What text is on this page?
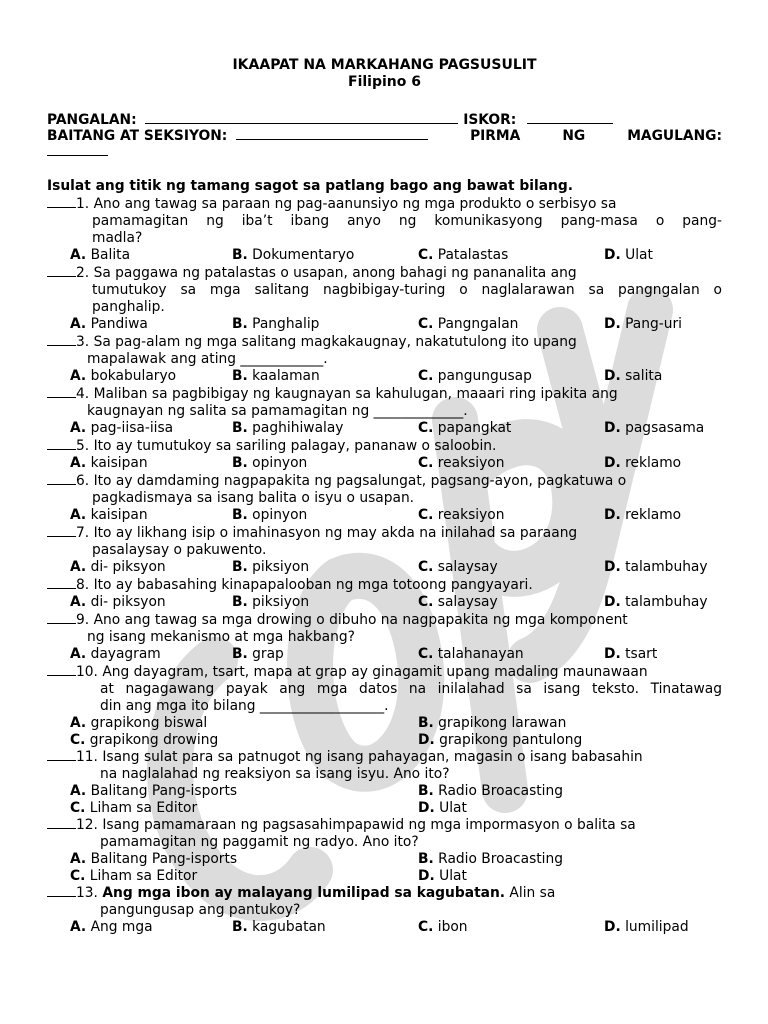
IKAAPAT NA MARKAHANG PAGSUSULIT
Filipino 6
PANGALAN:	ISKOR:
BAITANG AT SEKSIYON:	PIRMA	NG	MAGULANG:
Isulat ang titik ng tamang sagot sa patlang bago ang bawat bilang.
1. Ano ang tawag sa paraan ng pag-aanunsiyo ng mga produkto o serbisyo sa
pamamagitan ng iba’t ibang anyo ng komunikasyong pang-masa o pang-
madla?
A. Balita	B. Dokumentaryo	C. Patalastas	D. Ulat
2. Sa paggawa ng patalastas o usapan, anong bahagi ng pananalita ang
tumutukoy sa mga salitang nagbibigay-turing o naglalarawan sa pangngalan o
panghalip.
A. Pandiwa	B. Panghalip	C. Pangngalan	D. Pang-uri
3. Sa pag-alam ng mga salitang magkakaugnay, nakatutulong ito upang
mapalawak ang ating ____________.
A. bokabularyo	B. kaalaman	C. pangungusap	D. salita
4. Maliban sa pagbibigay ng kaugnayan sa kahulugan, maaari ring ipakita ang
kaugnayan ng salita sa pamamagitan ng _____________.
A. pag-iisa-iisa	B. paghihiwalay	C. papangkat	D. pagsasama
5. Ito ay tumutukoy sa sariling palagay, pananaw o saloobin.
A. kaisipan	B. opinyon	C. reaksiyon	D. reklamo
6. Ito ay damdaming nagpapakita ng pagsalungat, pagsang-ayon, pagkatuwa o
pagkadismaya sa isang balita o isyu o usapan.
A. kaisipan	B. opinyon	C. reaksiyon	D. reklamo
7. Ito ay likhang isip o imahinasyon ng may akda na inilahad sa paraang
pasalaysay o pakuwento.
A. di- piksyon	B. piksiyon	C. salaysay	D. talambuhay
8. Ito ay babasahing kinapapalooban ng mga totoong pangyayari.
A. di- piksyon	B. piksiyon	C. salaysay	D. talambuhay
9. Ano ang tawag sa mga drowing o dibuho na nagpapakita ng mga komponent
ng isang mekanismo at mga hakbang?
A. dayagram	B. grap	C. talahanayan	D. tsart
10. Ang dayagram, tsart, mapa at grap ay ginagamit upang madaling maunawaan
at nagagawang payak ang mga datos na inilalahad sa isang teksto. Tinatawag
din ang mga ito bilang __________________.
A. grapikong biswal	B. grapikong larawan
C. grapikong drowing	D. grapikong pantulong
11. Isang sulat para sa patnugot ng isang pahayagan, magasin o isang babasahin
na naglalahad ng reaksiyon sa isang isyu. Ano ito?
A. Balitang Pang-isports	B. Radio Broacasting
C. Liham sa Editor	D. Ulat
12. Isang pamamaraan ng pagsasahimpapawid ng mga impormasyon o balita sa
pamamagitan ng paggamit ng radyo. Ano ito?
A. Balitang Pang-isports	B. Radio Broacasting
C. Liham sa Editor	D. Ulat
13. Ang mga ibon ay malayang lumilipad sa kagubatan. Alin sa
pangungusap ang pantukoy?
A. Ang mga	B. kagubatan	C. ibon	D. lumilipad
